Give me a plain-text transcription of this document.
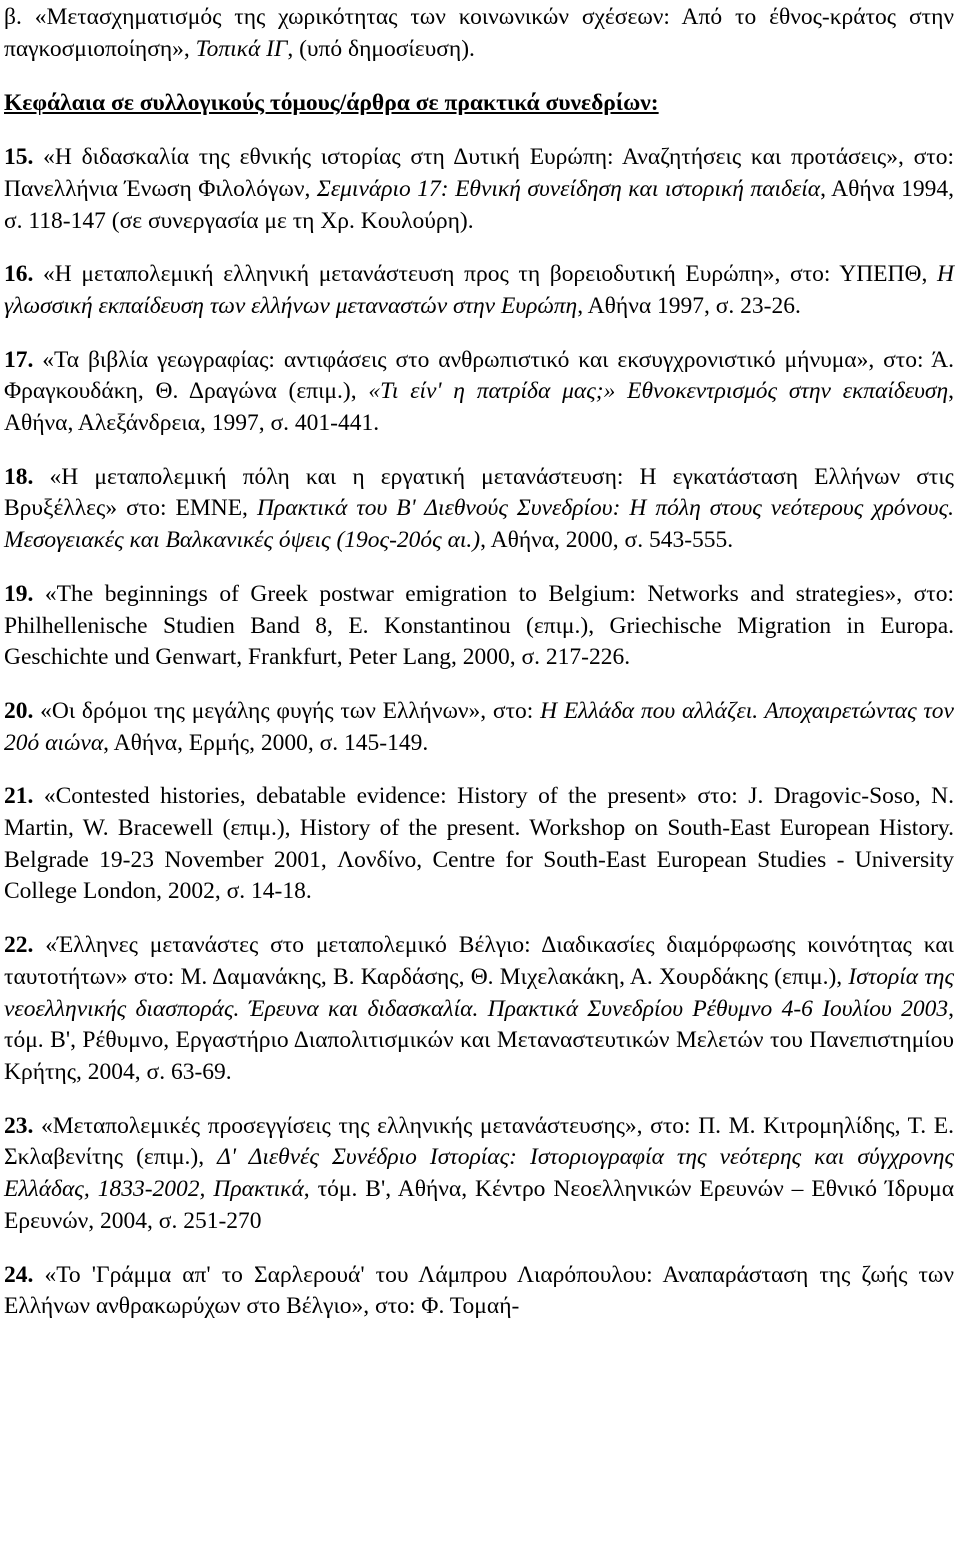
β. «Μετασχηματισμός της χωρικότητας των κοινωνικών σχέσεων: Από το έθνος-κράτος στην παγκοσμιοποίηση», Τοπικά ΙΓ, (υπό δημοσίευση).

Κεφάλαια σε συλλογικούς τόμους/άρθρα σε πρακτικά συνεδρίων:

15. «Η διδασκαλία της εθνικής ιστορίας στη Δυτική Ευρώπη: Αναζητήσεις και προτάσεις», στο: Πανελλήνια Ένωση Φιλολόγων, Σεμινάριο 17: Εθνική συνείδηση και ιστορική παιδεία, Αθήνα 1994, σ. 118-147 (σε συνεργασία με τη Χρ. Κουλούρη).

16. «Η μεταπολεμική ελληνική μετανάστευση προς τη βορειοδυτική Ευρώπη», στο: ΥΠΕΠΘ, Η γλωσσική εκπαίδευση των ελλήνων μεταναστών στην Ευρώπη, Αθήνα 1997, σ. 23-26.

17. «Τα βιβλία γεωγραφίας: αντιφάσεις στο ανθρωπιστικό και εκσυγχρονιστικό μήνυμα», στο: Ά. Φραγκουδάκη, Θ. Δραγώνα (επιμ.), «Τι είν' η πατρίδα μας;» Εθνοκεντρισμός στην εκπαίδευση, Αθήνα, Αλεξάνδρεια, 1997, σ. 401-441.

18. «Η μεταπολεμική πόλη και η εργατική μετανάστευση: Η εγκατάσταση Ελλήνων στις Βρυξέλλες» στο: ΕΜΝΕ, Πρακτικά του Β' Διεθνούς Συνεδρίου: Η πόλη στους νεότερους χρόνους. Μεσογειακές και Βαλκανικές όψεις (19ος-20ός αι.), Αθήνα, 2000, σ. 543-555.

19. «The beginnings of Greek postwar emigration to Belgium: Networks and strategies», στο: Philhellenische Studien Band 8, E. Konstantinou (επιμ.), Griechische Migration in Europa. Geschichte und Genwart, Frankfurt, Peter Lang, 2000, σ. 217-226.

20. «Οι δρόμοι της μεγάλης φυγής των Ελλήνων», στο: Η Ελλάδα που αλλάζει. Αποχαιρετώντας τον 20ό αιώνα, Αθήνα, Ερμής, 2000, σ. 145-149.

21. «Contested histories, debatable evidence: History of the present» στο: J. Dragovic-Soso, N. Martin, W. Bracewell (επιμ.), History of the present. Workshop on South-East European History. Belgrade 19-23 November 2001, Λονδίνο, Centre for South-East European Studies - University College London, 2002, σ. 14-18.

22. «Έλληνες μετανάστες στο μεταπολεμικό Βέλγιο: Διαδικασίες διαμόρφωσης κοινότητας και ταυτοτήτων» στο: Μ. Δαμανάκης, Β. Καρδάσης, Θ. Μιχελακάκη, Α. Χουρδάκης (επιμ.), Ιστορία της νεοελληνικής διασποράς. Έρευνα και διδασκαλία. Πρακτικά Συνεδρίου Ρέθυμνο 4-6 Ιουλίου 2003, τόμ. Β', Ρέθυμνο, Εργαστήριο Διαπολιτισμικών και Μεταναστευτικών Μελετών του Πανεπιστημίου Κρήτης, 2004, σ. 63-69.

23. «Μεταπολεμικές προσεγγίσεις της ελληνικής μετανάστευσης», στο: Π. Μ. Κιτρομηλίδης, Τ. Ε. Σκλαβενίτης (επιμ.), Δ' Διεθνές Συνέδριο Ιστορίας: Ιστοριογραφία της νεότερης και σύγχρονης Ελλάδας, 1833-2002, Πρακτικά, τόμ. Β', Αθήνα, Κέντρο Νεοελληνικών Ερευνών – Εθνικό Ίδρυμα Ερευνών, 2004, σ. 251-270

24. «Το 'Γράμμα απ' το Σαρλερουά' του Λάμπρου Λιαρόπουλου: Αναπαράσταση της ζωής των Ελλήνων ανθρακωρύχων στο Βέλγιο», στο: Φ. Τομαή-
